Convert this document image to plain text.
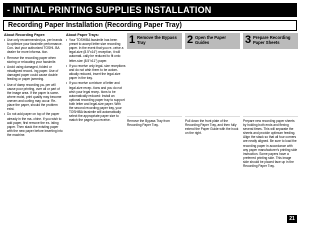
- INITIAL PRINTING SUPPLIES INSTALLATION
Recording Paper Installation (Recording Paper Tray)
About Recording Paper:
• Use only recommended pa- per brands to optimize your facsimile performance. Con- tact your authorized TOSHI- BA dealer for more informa- tion.
• Remove the recording paper when storing or relocating your facsimile.
• Avoid using damaged, folded or misaligned record- ing paper. Use of damaged paper could cause double feeding or paper jamming.
• Use of damp recording pa- per will cause poor printing, over all or part of the image area. If the paper is some- where moist, print quality may become uneven and curling may occur. Re- place the paper, should the problem exist.
• Do not add paper on top of the paper already in the ma- chine. If you wish to add paper, first remove the ex- isting paper. Then stack the existing paper with the new paper before inserting into the machine.
About Paper Trays:
• Your TOSHIBA facsimile has been preset to accept letter size recording paper. In the event that you re- ceive a legal-size (8.5"x14") reception, it will automati- cally be reduced to fit onto letter-size (8.5"x11") paper.
• If you receive only legal- size receptions and do not wish them to be autom- atically reduced, insert the legal-size paper in the tray.
• If you receive a mixture of letter and legal-size recep- tions and you do not wish your legal recep- tions to be automatically reduced: Install an optional recording paper tray to support both letter and legal-size paper. With the second recording paper tray, your TOSHIBA facsimile will automatically select the appropriate paper size to match the pages you receive.
1 Remove the Bypass Tray
Remove the Bypass Tray from Recording Paper Tray.
2 Open the Paper Guides
Pull down the front plate of the Recording Paper Tray, and then fully extend the Paper Guide with the hook on the right.
3 Prepare Recording Paper Sheets
Prepare new recording paper sheets by holding both ends and flexing several times. This will separate the sheets and provide optimum feeding. Align the stack so that all four corners are neatly aligned. Be sure to load the recording paper in accordance with any paper manufacturer's printing side instruction. Some papers have a preferred printing side. This image side should be placed face up in the Recording Paper Tray.
21
